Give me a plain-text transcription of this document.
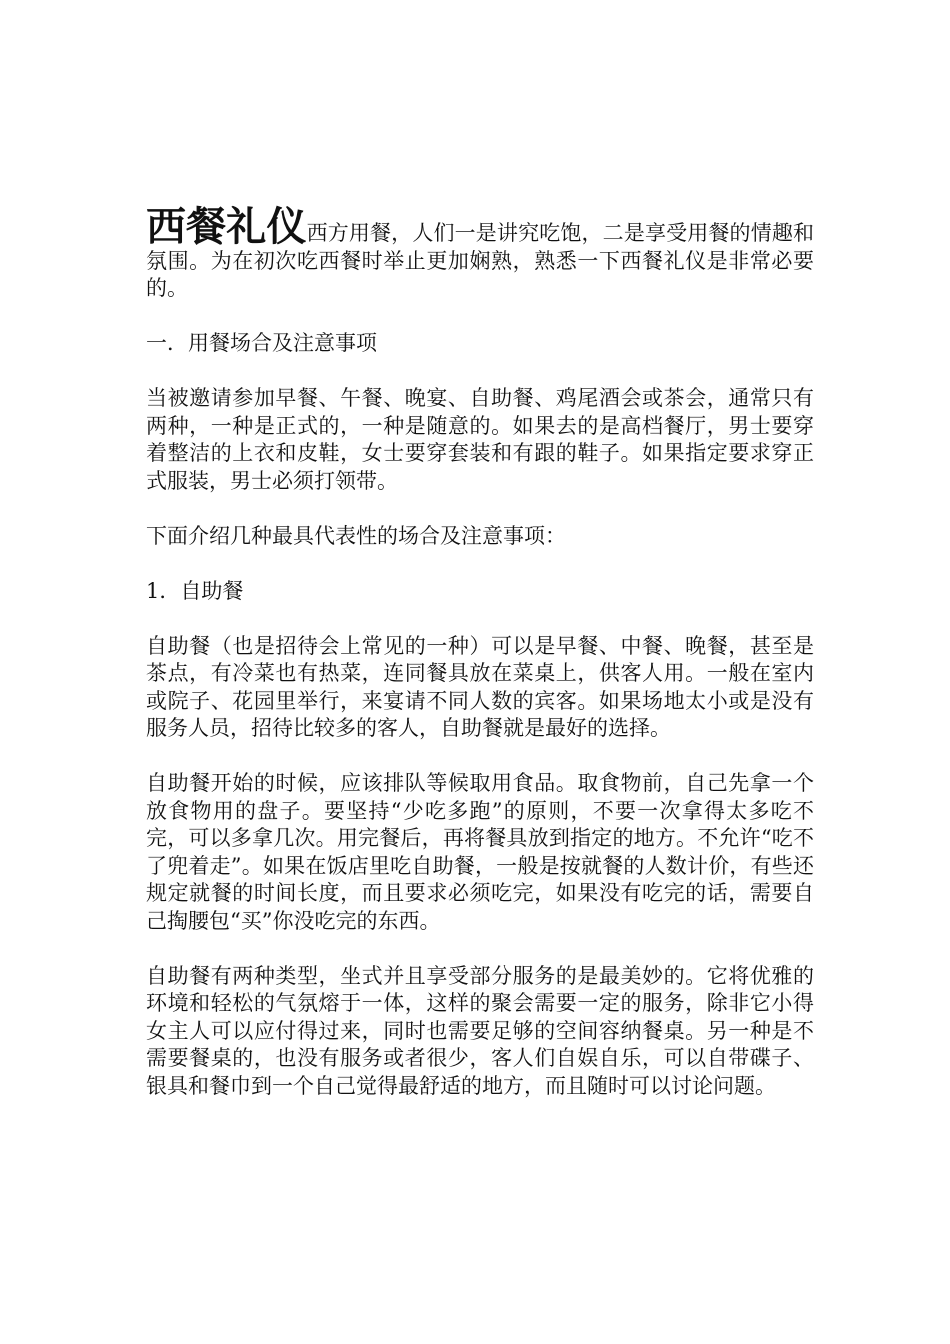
西餐礼仪西方用餐，人们一是讲究吃饱，二是享受用餐的情趣和氛围。为在初次吃西餐时举止更加娴熟，熟悉一下西餐礼仪是非常必要的。

一．用餐场合及注意事项

当被邀请参加早餐、午餐、晚宴、自助餐、鸡尾酒会或茶会，通常只有两种，一种是正式的，一种是随意的。如果去的是高档餐厅，男士要穿着整洁的上衣和皮鞋，女士要穿套装和有跟的鞋子。如果指定要求穿正式服装，男士必须打领带。

下面介绍几种最具代表性的场合及注意事项：

1．自助餐

自助餐（也是招待会上常见的一种）可以是早餐、中餐、晚餐，甚至是茶点，有冷菜也有热菜，连同餐具放在菜桌上，供客人用。一般在室内或院子、花园里举行，来宴请不同人数的宾客。如果场地太小或是没有服务人员，招待比较多的客人，自助餐就是最好的选择。

自助餐开始的时候，应该排队等候取用食品。取食物前，自己先拿一个放食物用的盘子。要坚持“少吃多跑”的原则，不要一次拿得太多吃不完，可以多拿几次。用完餐后，再将餐具放到指定的地方。不允许“吃不了兜着走”。如果在饭店里吃自助餐，一般是按就餐的人数计价，有些还规定就餐的时间长度，而且要求必须吃完，如果没有吃完的话，需要自己掏腰包“买”你没吃完的东西。

自助餐有两种类型，坐式并且享受部分服务的是最美妙的。它将优雅的环境和轻松的气氛熔于一体，这样的聚会需要一定的服务，除非它小得女主人可以应付得过来，同时也需要足够的空间容纳餐桌。另一种是不需要餐桌的，也没有服务或者很少，客人们自娱自乐，可以自带碟子、银具和餐巾到一个自己觉得最舒适的地方，而且随时可以讨论问题。
